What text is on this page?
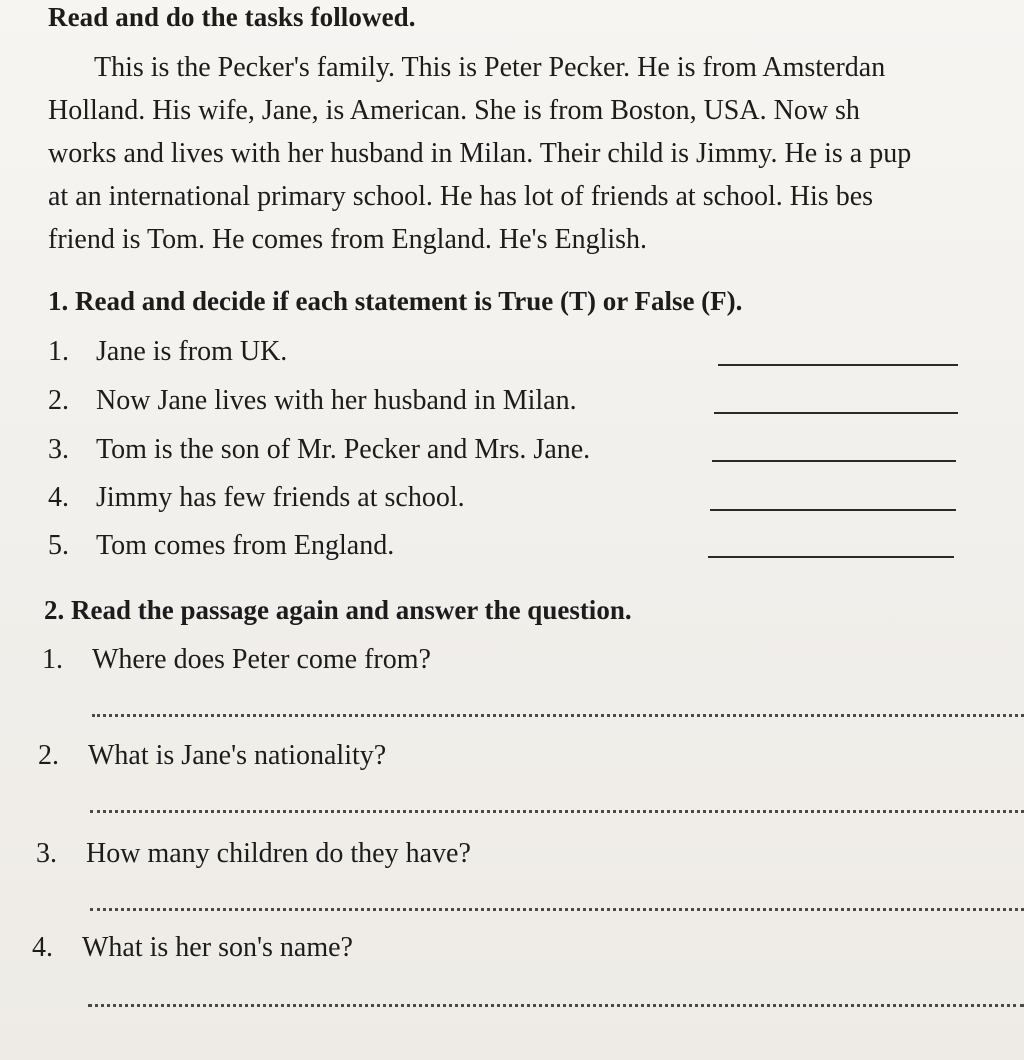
Read and do the tasks followed.
This is the Pecker's family. This is Peter Pecker. He is from Amsterdan
Holland. His wife, Jane, is American. She is from Boston, USA. Now sh
works and lives with her husband in Milan. Their child is Jimmy. He is a pup
at an international primary school. He has lot of friends at school. His bes
friend is Tom. He comes from England. He's English.
1. Read and decide if each statement is True (T) or False (F).
1. Jane is from UK.
2. Now Jane lives with her husband in Milan.
3. Tom is the son of Mr. Pecker and Mrs. Jane.
4. Jimmy has few friends at school.
5. Tom comes from England.
2. Read the passage again and answer the question.
1. Where does Peter come from?
2. What is Jane's nationality?
3. How many children do they have?
4. What is her son's name?
